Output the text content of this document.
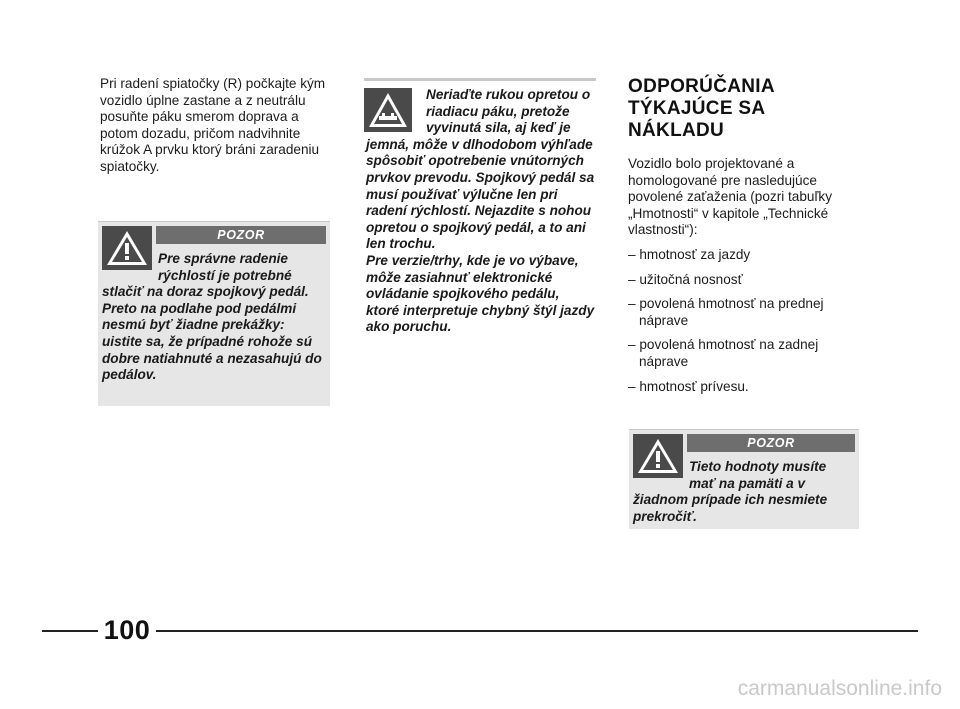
Pri radení spiatočky (R) počkajte kým vozidlo úplne zastane a z neutrálu posuňte páku smerom doprava a potom dozadu, pričom nadvihnite krúžok A prvku ktorý bráni zaradeniu spiatočky.

POZOR
Pre správne radenie rýchlostí je potrebné
stlačiť na doraz spojkový pedál. Preto na podlahe pod pedálmi nesmú byť žiadne prekážky: uistite sa, že prípadné rohože sú dobre natiahnuté a nezasahujú do pedálov.
Neriaďte rukou opretou o riadiacu páku, pretože vyvinutá sila, aj keď je
jemná, môže v dlhodobom výhľade spôsobiť opotrebenie vnútorných prvkov prevodu. Spojkový pedál sa musí používať výlučne len pri radení rýchlostí. Nejazdite s nohou opretou o spojkový pedál, a to ani len trochu.
Pre verzie/trhy, kde je vo výbave, môže zasiahnuť elektronické ovládanie spojkového pedálu, ktoré interpretuje chybný štýl jazdy ako poruchu.
ODPORÚČANIA
TÝKAJÚCE SA NÁKLADU

Vozidlo bolo projektované a homologované pre nasledujúce povolené zaťaženia (pozri tabuľky „Hmotnosti“ v kapitole „Technické vlastnosti“):

– hmotnosť za jazdy
– užitočná nosnosť
– povolená hmotnosť na prednej nápravе
– povolená hmotnosť na zadnej nápravе
– hmotnosť prívesu.
POZOR
Tieto hodnoty musíte mať na pamäti a v
žiadnom prípade ich nesmiete prekročiť.
100
carmanualsonline.info
